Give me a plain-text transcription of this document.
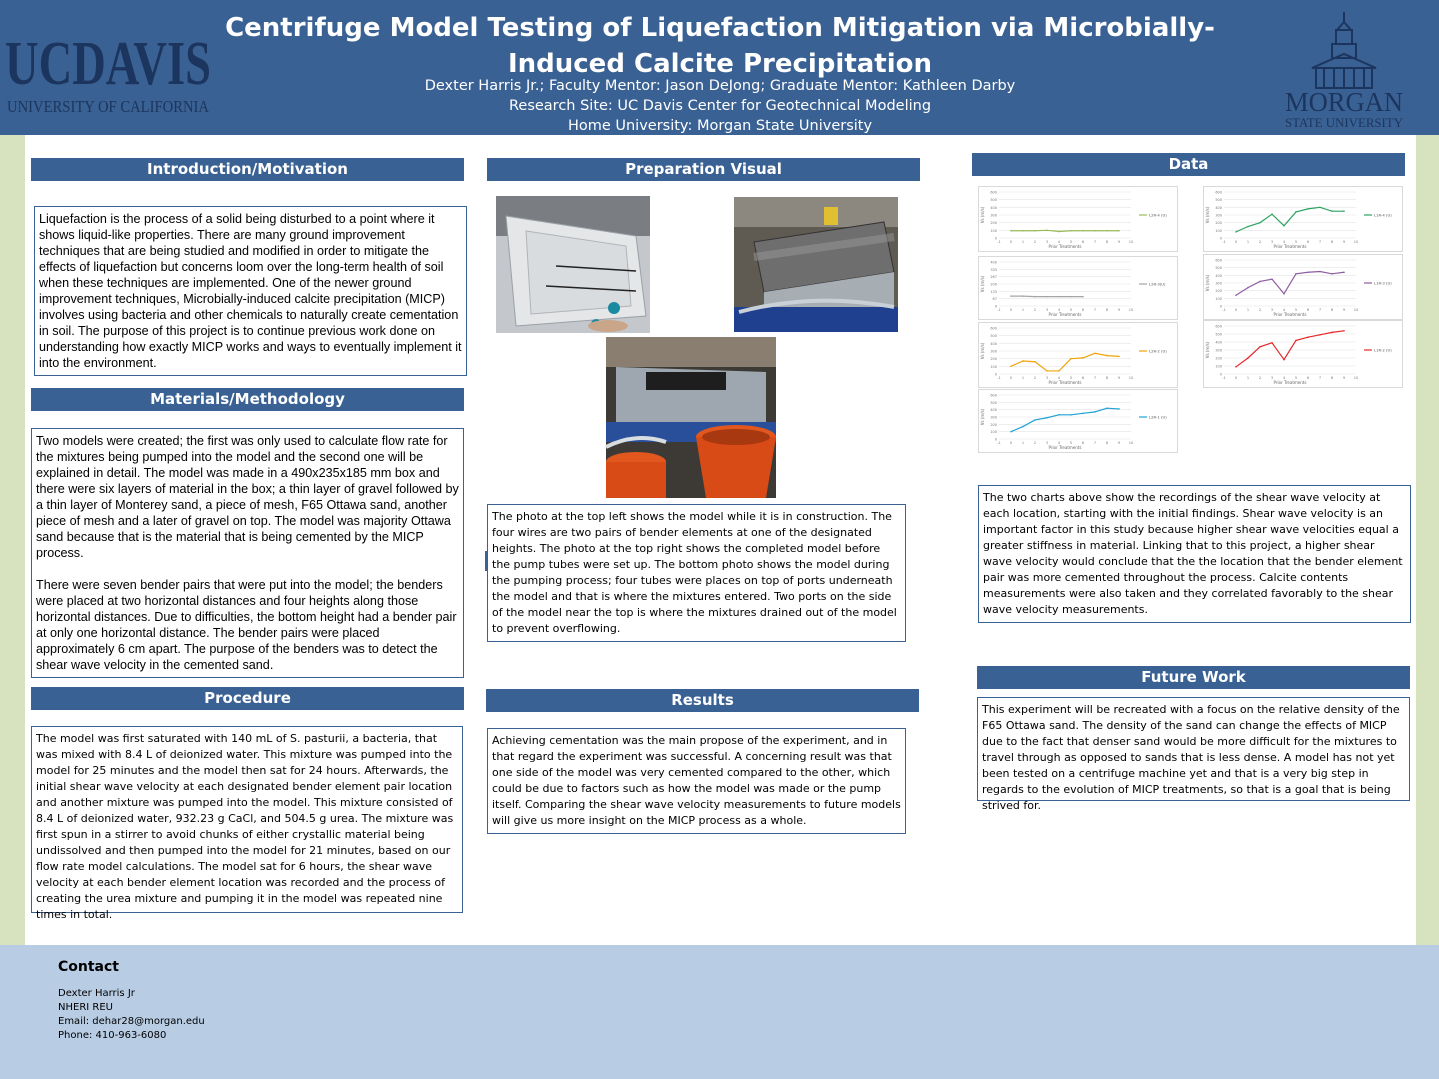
UCDAVIS
UNIVERSITY OF CALIFORNIA
Centrifuge Model Testing of Liquefaction Mitigation via Microbially-Induced Calcite Precipitation
Dexter Harris Jr.; Faculty Mentor: Jason DeJong; Graduate Mentor: Kathleen Darby
Research Site: UC Davis Center for Geotechnical Modeling
Home University: Morgan State University
MORGAN
STATE UNIVERSITY
Introduction/Motivation

Liquefaction is the process of a solid being disturbed to a point where it shows liquid-like properties. There are many ground improvement techniques that are being studied and modified in order to mitigate the effects of liquefaction but concerns loom over the long-term health of soil when these techniques are implemented. One of the newer ground improvement techniques, Microbially-induced calcite precipitation (MICP) involves using bacteria and other chemicals to naturally create cementation in soil. The purpose of this project is to continue previous work done on understanding how exactly MICP works and ways to eventually implement it into the environment.

Materials/Methodology

Two models were created; the first was only used to calculate flow rate for the mixtures being pumped into the model and the second one will be explained in detail. The model was made in a 490x235x185 mm box and there were six layers of material in the box; a thin layer of gravel followed by a thin layer of Monterey sand, a piece of mesh, F65 Ottawa sand, another piece of mesh and a later of gravel on top. The model was majority Ottawa sand because that is the material that is being cemented by the MICP process.

There were seven bender pairs that were put into the model; the benders were placed at two horizontal distances and four heights along those horizontal distances. Due to difficulties, the bottom height had a bender pair at only one horizontal distance. The bender pairs were placed approximately 6 cm apart. The purpose of the benders was to detect the shear wave velocity in the cemented sand.

Procedure

The model was first saturated with 140 mL of S. pasturii, a bacteria, that was mixed with 8.4 L of deionized water. This mixture was pumped into the model for 25 minutes and the model then sat for 24 hours. Afterwards, the initial shear wave velocity at each designated bender element pair location and another mixture was pumped into the model. This mixture consisted of 8.4 L of deionized water, 932.23 g CaCl, and 504.5 g urea. The mixture was first spun in a stirrer to avoid chunks of either crystallic material being undissolved and then pumped into the model for 21 minutes, based on our flow rate model calculations. The model sat for 6 hours, the shear wave velocity at each bender element location was recorded and the process of creating the urea mixture and pumping it in the model was repeated nine times in total.

Preparation Visual

The photo at the top left shows the model while it is in construction. The four wires are two pairs of bender elements at one of the designated heights. The photo at the top right shows the completed model before the pump tubes were set up. The bottom photo shows the model during the pumping process; four tubes were places on top of ports underneath the model and that is where the mixtures entered. Two ports on the side of the model near the top is where the mixtures drained out of the model to prevent overflowing.

Results

Achieving cementation was the main propose of the experiment, and in that regard the experiment was successful. A concerning result was that one side of the model was very cemented compared to the other, which could be due to factors such as how the model was made or the pump itself. Comparing the shear wave velocity measurements to future models will give us more insight on the MICP process as a whole.

Data
0
100
200
300
400
500
600
-1	0	1	2	3	4	5	6	7	8	9 10
Prior Treatments
Vs (m/s)	L2R-4 (U)
0
67
133
200
267
333
400
-1	0	1	2	3	4	5	6	7	8	9 10
Prior Treatments
Vs (m/s)	L2R-3(U)
0
100
200
300
400
500
600
-1	0	1	2	3	4	5	6	7	8	9 10
Prior Treatments
Vs (m/s)	L2R-2 (U)
0
100
200
300
400
500
600
-1	0	1	2	3	4	5	6	7	8	9 10
Prior Treatments
Vs (m/s)	L2R-1 (U)
0
100
200
300
400
500
600
-1	0	1	2	3	4	5	6	7	8	9 10
Prior Treatments
Vs (m/s)	L1R-4 (U)
0
100
200
300
400
500
600
-1	0	1	2	3	4	5	6	7	8	9 10
Prior Treatments
Vs (m/s)	L1R-3 (U)
0
100
200
300
400
500
600
-1	0	1	2	3	4	5	6	7	8	9 10
Prior Treatments
Vs (m/s)	L1R-2 (U)

The two charts above show the recordings of the shear wave velocity at each location, starting with the initial findings. Shear wave velocity is an important factor in this study because higher shear wave velocities equal a greater stiffness in material. Linking that to this project, a higher shear wave velocity would conclude that the the location that the bender element pair was more cemented throughout the process. Calcite contents measurements were also taken and they correlated favorably to the shear wave velocity measurements.

Future Work

This experiment will be recreated with a focus on the relative density of the F65 Ottawa sand. The density of the sand can change the effects of MICP due to the fact that denser sand would be more difficult for the mixtures to travel through as opposed to sands that is less dense. A model has not yet been tested on a centrifuge machine yet and that is a very big step in regards to the evolution of MICP treatments, so that is a goal that is being strived for.

Contact
Dexter Harris Jr
NHERI REU
Email: dehar28@morgan.edu
Phone: 410-963-6080
